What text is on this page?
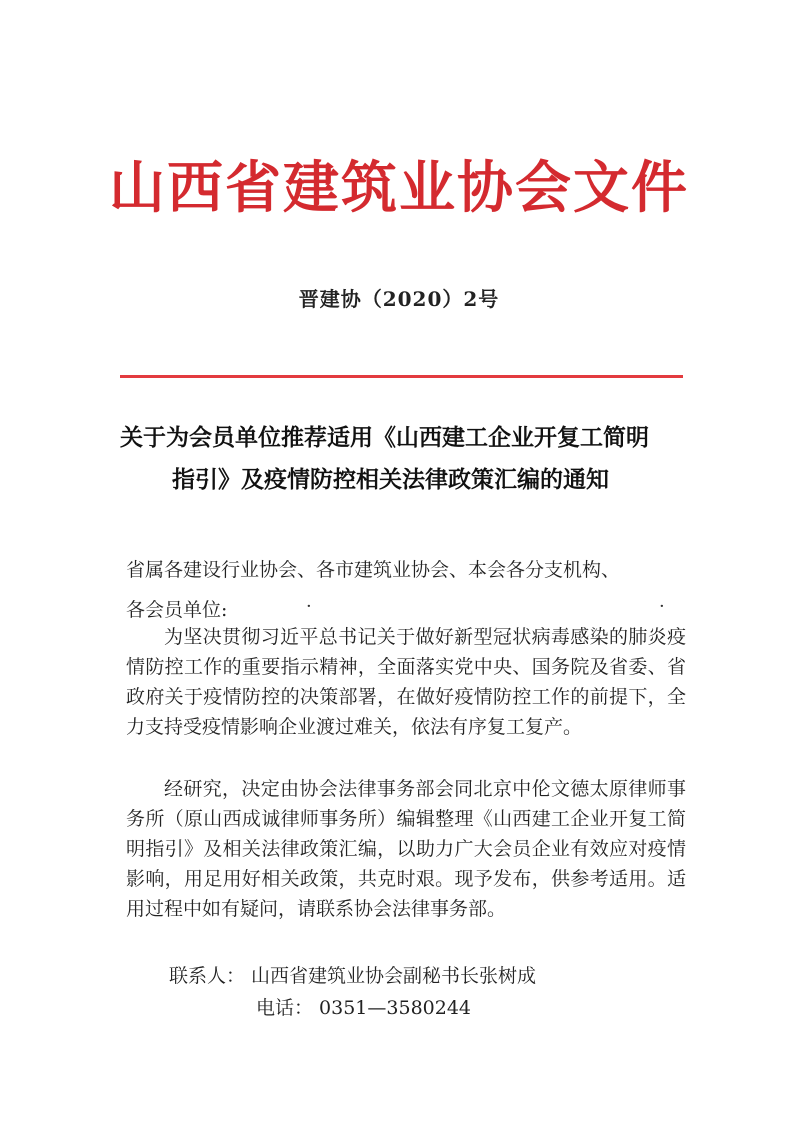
山西省建筑业协会文件
晋建协（2020）2号
关于为会员单位推荐适用《山西建工企业开复工简明
指引》及疫情防控相关法律政策汇编的通知
省属各建设行业协会、各市建筑业协会、本会各分支机构、
各会员单位:	·	·
为坚决贯彻习近平总书记关于做好新型冠状病毒感染的肺炎疫情防控工作的重要指示精神，全面落实党中央、国务院及省委、省政府关于疫情防控的决策部署，在做好疫情防控工作的前提下，全力支持受疫情影响企业渡过难关，依法有序复工复产。
经研究，决定由协会法律事务部会同北京中伦文德太原律师事务所（原山西成诚律师事务所）编辑整理《山西建工企业开复工简明指引》及相关法律政策汇编，以助力广大会员企业有效应对疫情影响，用足用好相关政策，共克时艰。现予发布，供参考适用。适用过程中如有疑问，请联系协会法律事务部。
联系人： 山西省建筑业协会副秘书长张树成
电话： 0351—3580244
